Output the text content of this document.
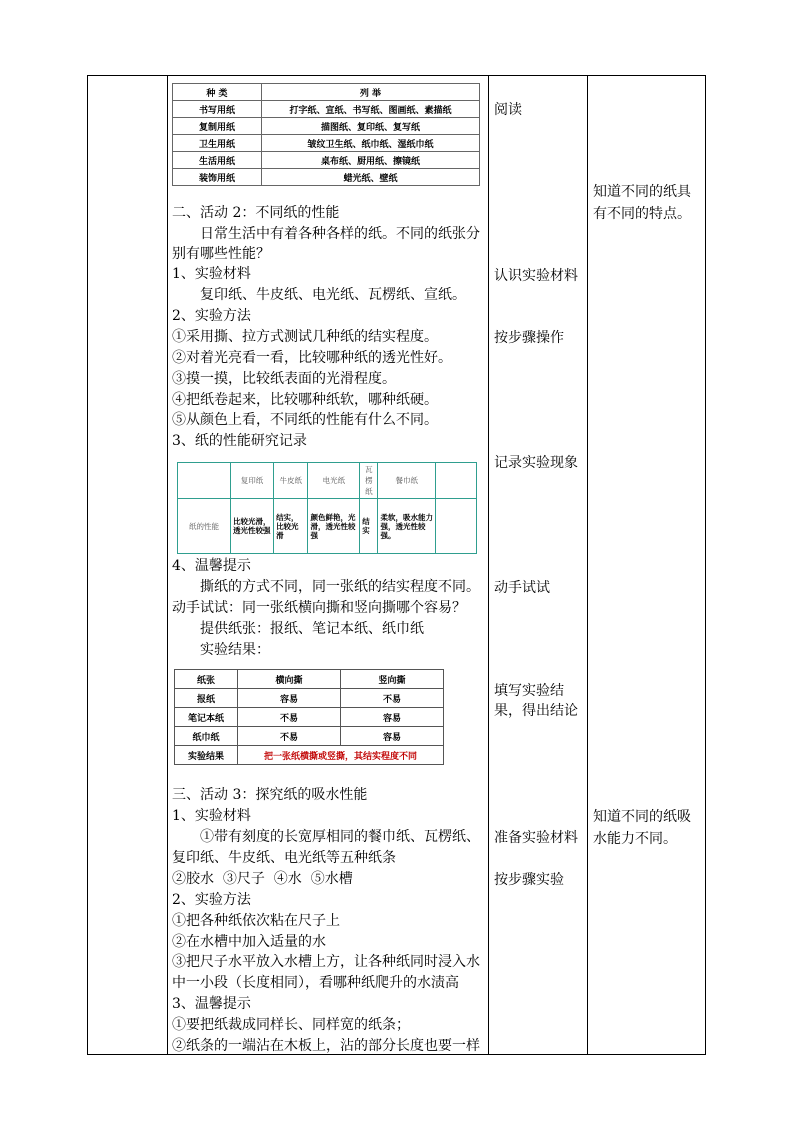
种 类	列 举
书写用纸	打字纸、宣纸、书写纸、图画纸、素描纸
复制用纸	描图纸、复印纸、复写纸
卫生用纸	皱纹卫生纸、纸巾纸、湿纸巾纸
生活用纸	桌布纸、厨用纸、擦镜纸
装饰用纸	蜡光纸、壁纸
二、活动 2：不同纸的性能
日常生活中有着各种各样的纸。不同的纸张分
别有哪些性能？
1、实验材料
复印纸、牛皮纸、电光纸、瓦楞纸、宣纸。
2、实验方法
①采用撕、拉方式测试几种纸的结实程度。
②对着光亮看一看，比较哪种纸的透光性好。
③摸一摸，比较纸表面的光滑程度。
④把纸卷起来，比较哪种纸软，哪种纸硬。
⑤从颜色上看，不同纸的性能有什么不同。
3、纸的性能研究记录
	复印纸	牛皮纸	电光纸	瓦楞纸	餐巾纸	
纸的性能	比较光滑，透光性较强	结实，比较光滑	颜色鲜艳，光滑，透光性较强	结实	柔软，吸水能力强，透光性较强。	
4、温馨提示
撕纸的方式不同，同一张纸的结实程度不同。
动手试试：同一张纸横向撕和竖向撕哪个容易？
提供纸张：报纸、笔记本纸、纸巾纸
实验结果：
纸张	横向撕	竖向撕
报纸	容易	不易
笔记本纸	不易	容易
纸巾纸	不易	容易
实验结果	把一张纸横撕或竖撕，其结实程度不同	
三、活动 3：探究纸的吸水性能
1、实验材料
①带有刻度的长宽厚相同的餐巾纸、瓦楞纸、
复印纸、牛皮纸、电光纸等五种纸条
②胶水  ③尺子  ④水  ⑤水槽
2、实验方法
①把各种纸依次粘在尺子上
②在水槽中加入适量的水
③把尺子水平放入水槽上方，让各种纸同时浸入水
中一小段（长度相同），看哪种纸爬升的水渍高
3、温馨提示
①要把纸裁成同样长、同样宽的纸条；
②纸条的一端沾在木板上，沾的部分长度也要一样
阅读
认识实验材料
按步骤操作
记录实验现象
动手试试
填写实验结果，得出结论
准备实验材料
按步骤实验
知道不同的纸具有不同的特点。
知道不同的纸吸水能力不同。
